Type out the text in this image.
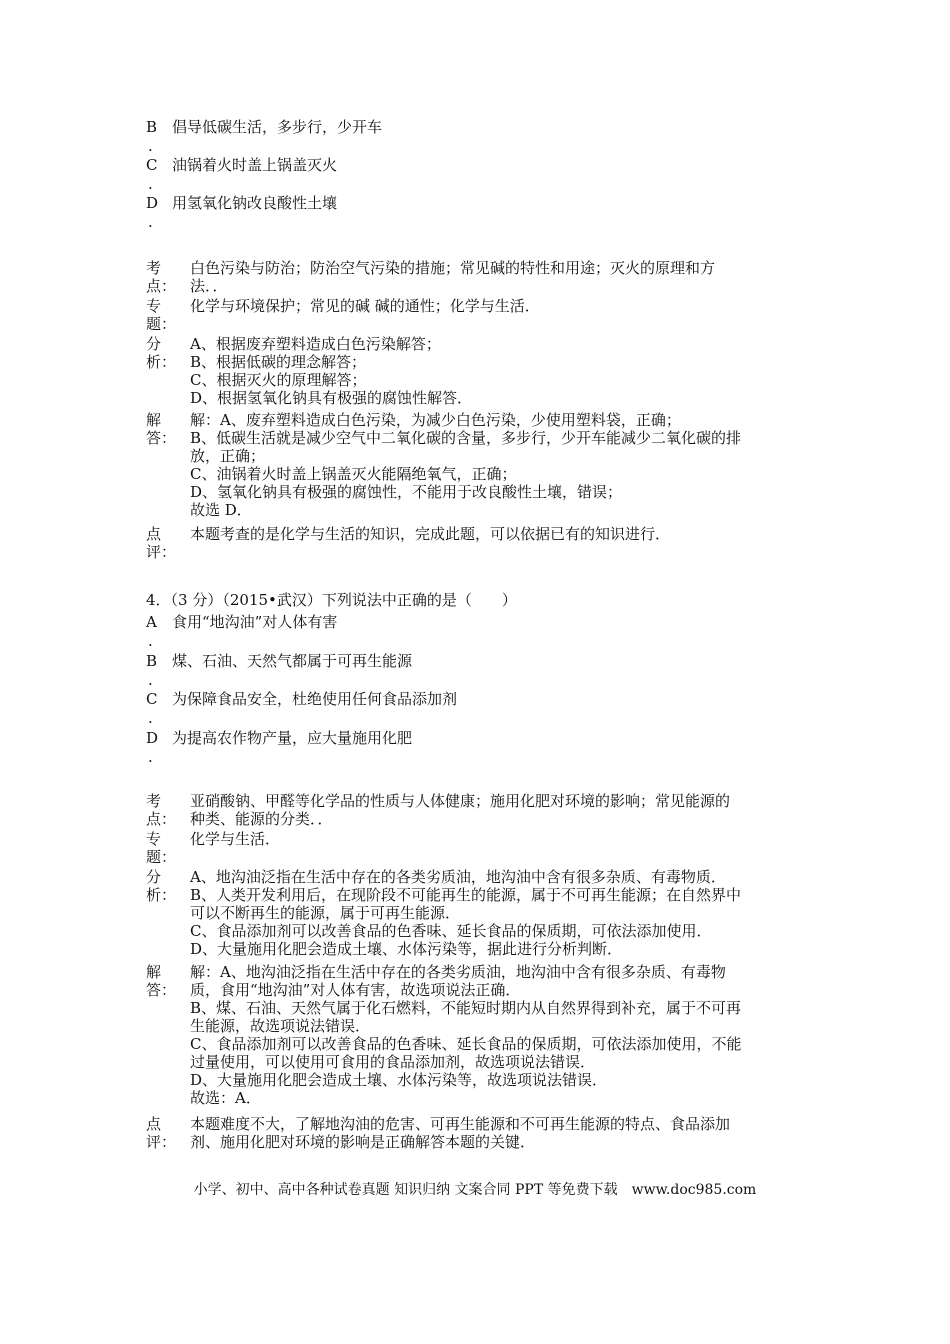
B
.
倡导低碳生活，多步行，少开车
C
.
油锅着火时盖上锅盖灭火
D
.
用氢氧化钠改良酸性土壤
考
点：
白色污染与防治；防治空气污染的措施；常见碱的特性和用途；灭火的原理和方
法．．
专
题：
化学与环境保护；常见的碱 碱的通性；化学与生活．
分
析：
A、根据废弃塑料造成白色污染解答；
B、根据低碳的理念解答；
C、根据灭火的原理解答；
D、根据氢氧化钠具有极强的腐蚀性解答．
解
答：
解：A、废弃塑料造成白色污染，为减少白色污染，少使用塑料袋，正确；
B、低碳生活就是减少空气中二氧化碳的含量，多步行，少开车能减少二氧化碳的排
放，正确；
C、油锅着火时盖上锅盖灭火能隔绝氧气，正确；
D、氢氧化钠具有极强的腐蚀性，不能用于改良酸性土壤，错误；
故选 D．
点
评：
本题考查的是化学与生活的知识，完成此题，可以依据已有的知识进行．
4．（3 分）（2015•武汉）下列说法中正确的是（　　）
A
.
食用“地沟油”对人体有害
B
.
煤、石油、天然气都属于可再生能源
C
.
为保障食品安全，杜绝使用任何食品添加剂
D
.
为提高农作物产量，应大量施用化肥
考
点：
亚硝酸钠、甲醛等化学品的性质与人体健康；施用化肥对环境的影响；常见能源的
种类、能源的分类．．
专
题：
化学与生活．
分
析：
A、地沟油泛指在生活中存在的各类劣质油，地沟油中含有很多杂质、有毒物质．
B、人类开发利用后，在现阶段不可能再生的能源，属于不可再生能源；在自然界中
可以不断再生的能源，属于可再生能源．
C、食品添加剂可以改善食品的色香味、延长食品的保质期，可依法添加使用．
D、大量施用化肥会造成土壤、水体污染等，据此进行分析判断．
解
答：
解：A、地沟油泛指在生活中存在的各类劣质油，地沟油中含有很多杂质、有毒物
质，食用“地沟油”对人体有害，故选项说法正确．
B、煤、石油、天然气属于化石燃料，不能短时期内从自然界得到补充，属于不可再
生能源，故选项说法错误．
C、食品添加剂可以改善食品的色香味、延长食品的保质期，可依法添加使用，不能
过量使用，可以使用可食用的食品添加剂，故选项说法错误．
D、大量施用化肥会造成土壤、水体污染等，故选项说法错误．
故选：A．
点
评：
本题难度不大，了解地沟油的危害、可再生能源和不可再生能源的特点、食品添加
剂、施用化肥对环境的影响是正确解答本题的关键．
小学、初中、高中各种试卷真题 知识归纳 文案合同 PPT 等免费下载　www.doc985.com
